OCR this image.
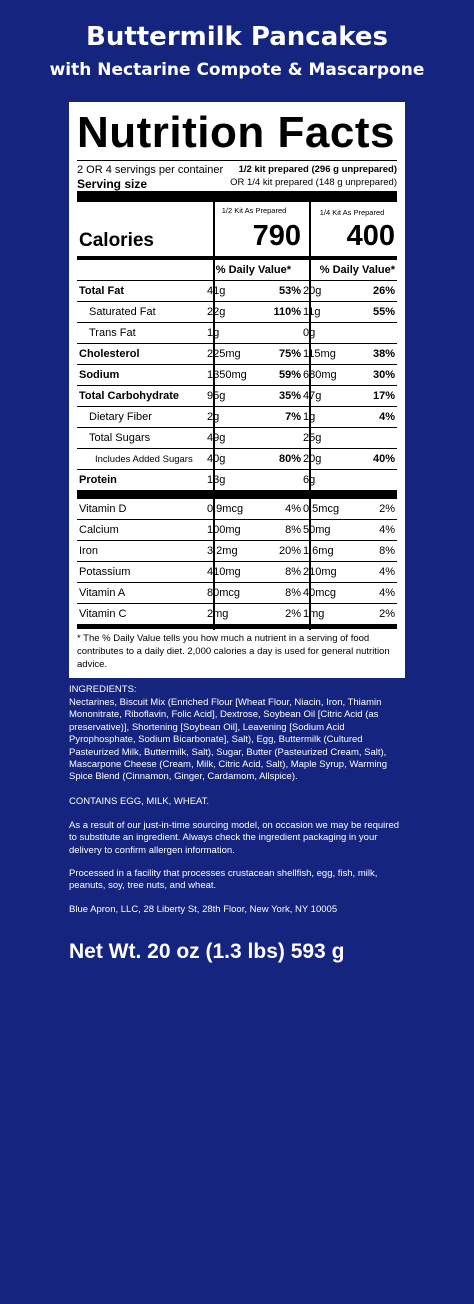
Buttermilk Pancakes
with Nectarine Compote & Mascarpone
Nutrition Facts
2 OR 4 servings per container
Serving size
1/2 kit prepared (296 g unprepared)
OR 1/4 kit prepared (148 g unprepared)
1/2 Kit As Prepared	1/4 Kit As Prepared
Calories	790 400
% Daily Value*	% Daily Value*
Total Fat	41g	53% 20g	26%
Saturated Fat	22g	110% 11g	55%
Trans Fat	1g	0g
Cholesterol	225mg	75% 115mg	38%
Sodium	1350mg	59% 680mg	30%
Total Carbohydrate	95g	35% 47g	17%
Dietary Fiber	2g	7% 1g	4%
Total Sugars	49g	25g
Includes Added Sugars 40g	80% 20g	40%
Protein	13g	6g
Vitamin D	0.9mcg	4% 0.5mcg	2%
Calcium	100mg	8% 50mg	4%
Iron	3.2mg	20% 1.6mg	8%
Potassium	410mg	8% 210mg	4%
Vitamin A	80mcg	8% 40mcg	4%
Vitamin C	2mg	2% 1mg	2%
* The % Daily Value tells you how much a nutrient in a serving of food contributes to a daily diet. 2,000 calories a day is used for general nutrition advice.
INGREDIENTS:
Nectarines, Biscuit Mix (Enriched Flour [Wheat Flour, Niacin, Iron, Thiamin Mononitrate, Riboflavin, Folic Acid], Dextrose, Soybean Oil [Citric Acid (as preservative)], Shortening [Soybean Oil], Leavening [Sodium Acid Pyrophosphate, Sodium Bicarbonate], Salt), Egg, Buttermilk (Cultured Pasteurized Milk, Buttermilk, Salt), Sugar, Butter (Pasteurized Cream, Salt), Mascarpone Cheese (Cream, Milk, Citric Acid, Salt), Maple Syrup, Warming Spice Blend (Cinnamon, Ginger, Cardamom, Allspice).
CONTAINS EGG, MILK, WHEAT.
As a result of our just-in-time sourcing model, on occasion we may be required to substitute an ingredient. Always check the ingredient packaging in your delivery to confirm allergen information.
Processed in a facility that processes crustacean shellfish, egg, fish, milk, peanuts, soy, tree nuts, and wheat.
Blue Apron, LLC, 28 Liberty St, 28th Floor, New York, NY 10005
Net Wt. 20 oz (1.3 lbs) 593 g
